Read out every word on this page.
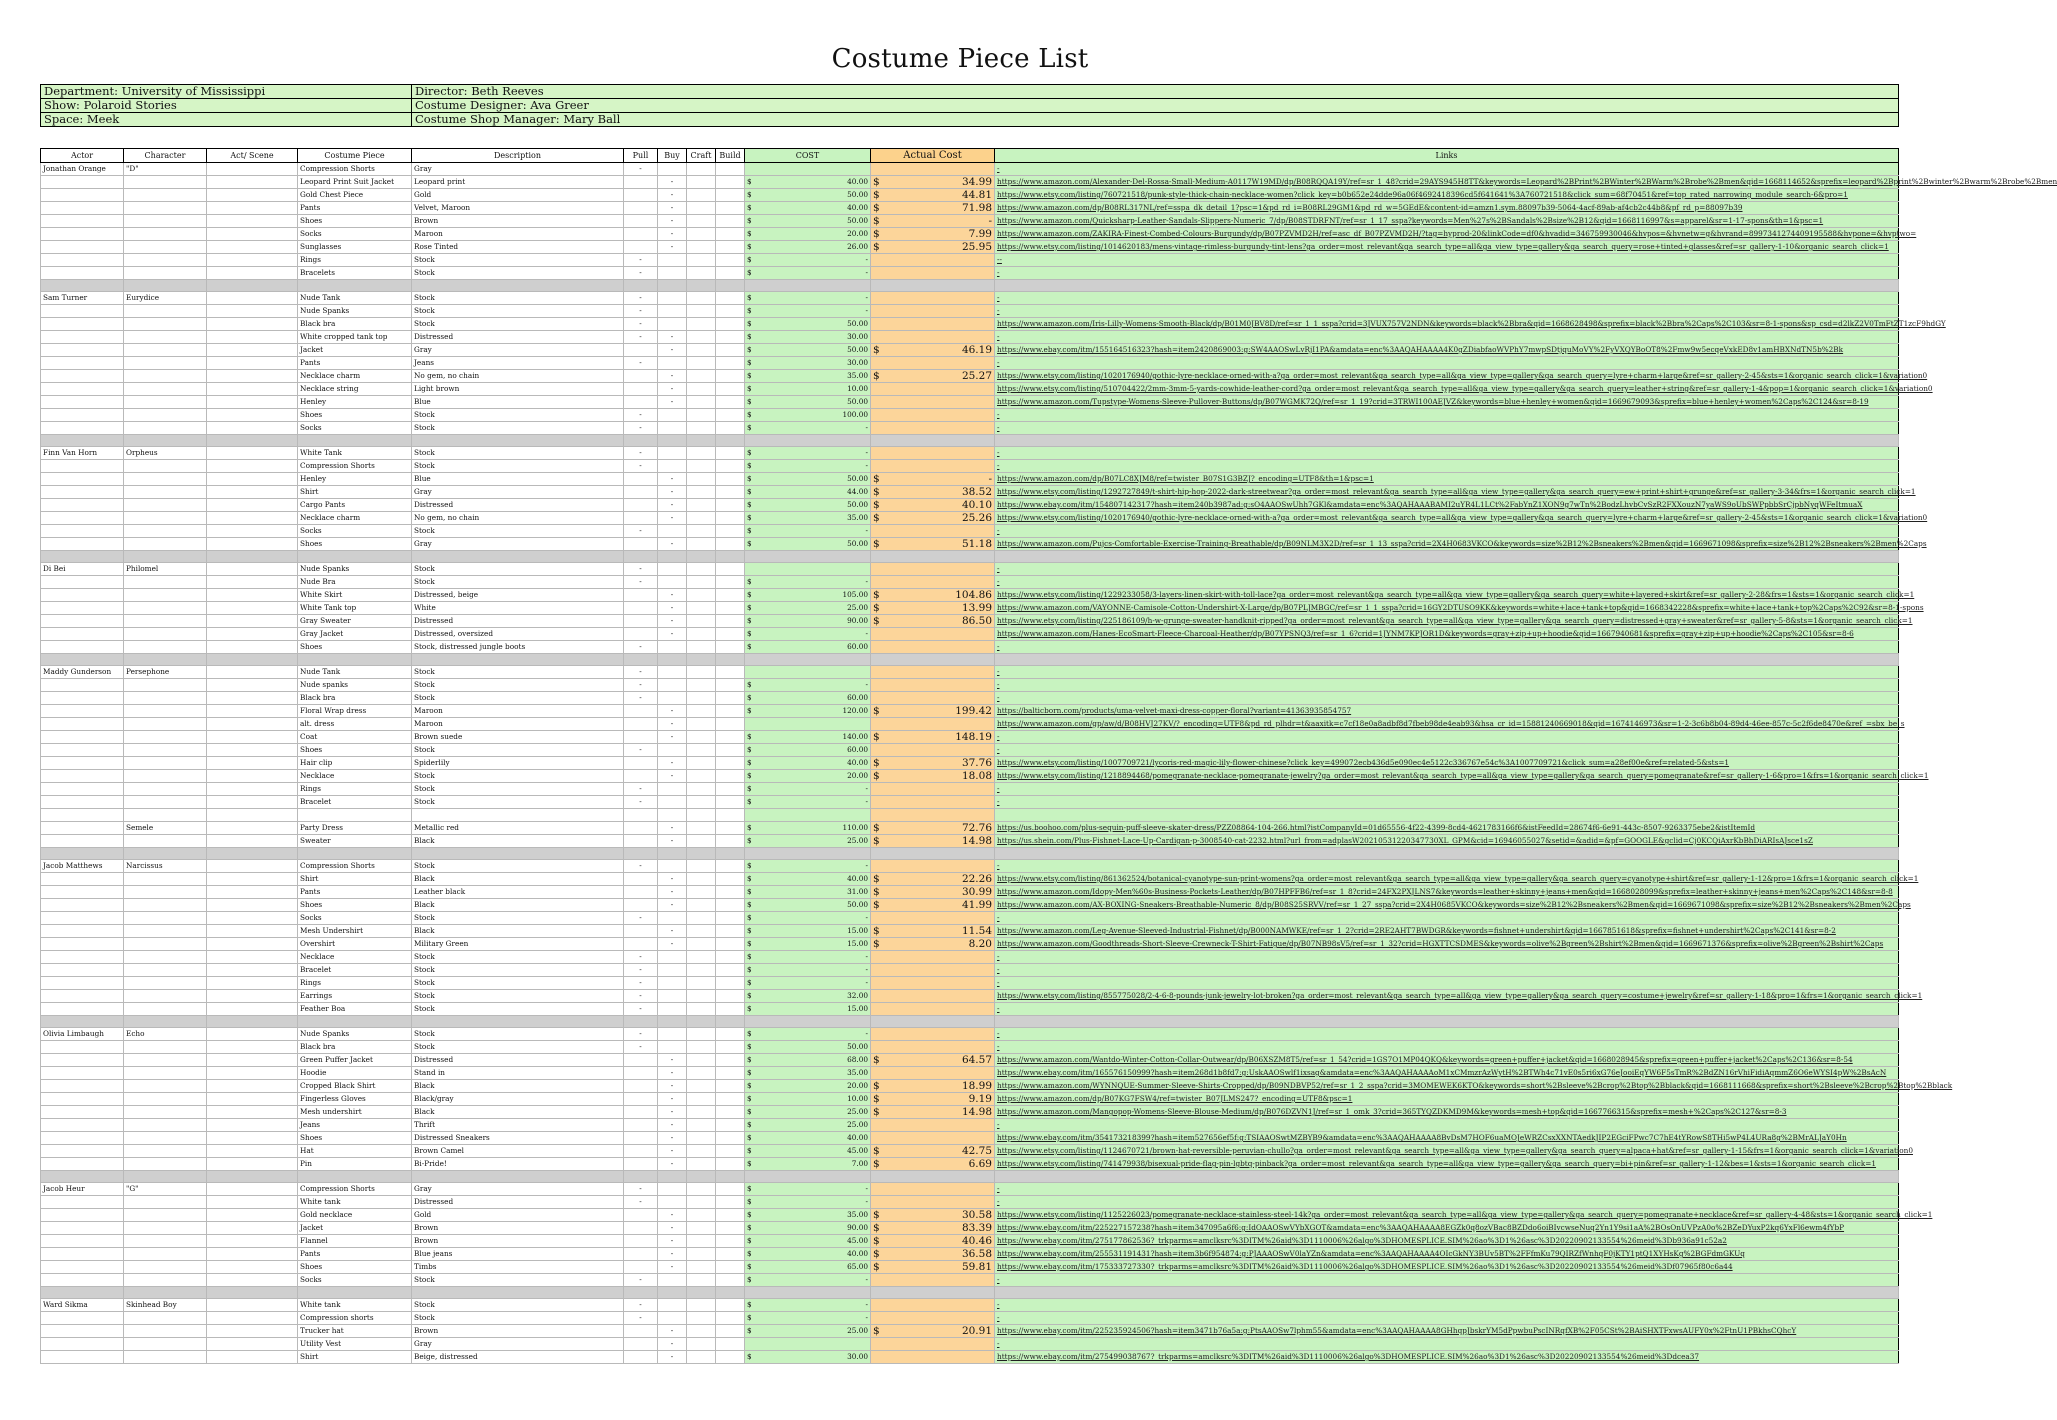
Costume Piece List
Department: University of Mississippi	Director: Beth Reeves
Show: Polaroid Stories	Costume Designer: Ava Greer
Space: Meek	Costume Shop Manager: Mary Ball
Actor	Character	Act/ Scene	Costume Piece	Description	Pull	Buy	Craft	Build	COST	Actual Cost	Links
Jonathan Orange	"D"		Compression Shorts	Gray	-						-
			Leopard Print Suit Jacket	Leopard print		-			$ 40.00	$ 34.99	https://www.amazon.com/Alexander-Del-Rossa-Small-Medium-A0117W19MD/dp/B08RQQA19Y/ref=sr_1_48?crid=29AYS945H8TT&keywords=Leopard%2BPrint%2BWinter%2BWarm%2Brobe%2Bmen&qid=1668114652&sprefix=leopard%2Bprint%2Bwinter%2Bwarm%2Brobe%2Bmen
			Gold Chest Piece	Gold		-			$ 50.00	$ 44.81	https://www.etsy.com/listing/760721518/punk-style-thick-chain-necklace-women?click_key=b0b652e24dde96a06f4692418396cd5f641641%3A760721518&click_sum=68f70451&ref=top_rated_narrowing_module_search-6&pro=1
			Pants	Velvet, Maroon		-			$ 40.00	$ 71.98	https://www.amazon.com/dp/B08RL317NL/ref=sspa_dk_detail_1?psc=1&pd_rd_i=B08RL29GM1&pd_rd_w=5GEdE&content-id=amzn1.sym.88097b39-5064-4acf-89ab-af4cb2c44b8&pf_rd_p=88097b39
			Shoes	Brown		-			$ 50.00	$ -	https://www.amazon.com/Quicksharp-Leather-Sandals-Slippers-Numeric_7/dp/B08STDRFNT/ref=sr_1_17_sspa?keywords=Men%27s%2BSandals%2Bsize%2B12&qid=1668116997&s=apparel&sr=1-17-spons&th=1&psc=1
			Socks	Maroon		-			$ 20.00	$ 7.99	https://www.amazon.com/ZAKIRA-Finest-Combed-Colours-Burgundy/dp/B07PZVMD2H/ref=asc_df_B07PZVMD2H/?tag=hyprod-20&linkCode=df0&hvadid=346759930046&hvpos=&hvnetw=g&hvrand=8997341274409195588&hvpone=&hvptwo=
			Sunglasses	Rose Tinted		-			$ 26.00	$ 25.95	https://www.etsy.com/listing/1014620183/mens-vintage-rimless-burgundy-tint-lens?ga_order=most_relevant&ga_search_type=all&ga_view_type=gallery&ga_search_query=rose+tinted+glasses&ref=sr_gallery-1-10&organic_search_click=1
			Rings	Stock	-				$ -		--
			Bracelets	Stock	-				$ -		-

Sam Turner	Eurydice		Nude Tank	Stock	-				$ -		-
			Nude Spanks	Stock	-				$ -		-
			Black bra	Stock	-				$ 50.00		https://www.amazon.com/Iris-Lilly-Womens-Smooth-Black/dp/B01M0JBV8D/ref=sr_1_1_sspa?crid=3JVUX757V2NDN&keywords=black%2Bbra&qid=1668628498&sprefix=black%2Bbra%2Caps%2C103&sr=8-1-spons&sp_csd=d2lkZ2V0TmFtZT1zcF9hdGY
			White cropped tank top	Distressed	-	-			$ 30.00		-
			Jacket	Gray		-			$ 50.00	$ 46.19	https://www.ebay.com/itm/155164516323?hash=item2420869003:g:SW4AAOSwLvRjI1PA&amdata=enc%3AAQAHAAAA4K0gZDiabfaoWVPhY7mwpSDtjquMoVY%2FyVXQYBoOT8%2Fmw9w5ecqeVxkED8v1amHBXNdTN5b%2Bk
			Pants	Jeans	-				$ 30.00		-
			Necklace charm	No gem, no chain		-			$ 35.00	$ 25.27	https://www.etsy.com/listing/1020176940/gothic-lyre-necklace-orned-with-a?ga_order=most_relevant&ga_search_type=all&ga_view_type=gallery&ga_search_query=lyre+charm+large&ref=sr_gallery-2-45&sts=1&organic_search_click=1&variation0
			Necklace string	Light brown		-			$ 10.00		https://www.etsy.com/listing/510704422/2mm-3mm-5-yards-cowhide-leather-cord?ga_order=most_relevant&ga_search_type=all&ga_view_type=gallery&ga_search_query=leather+string&ref=sr_gallery-1-4&pop=1&organic_search_click=1&variation0
			Henley	Blue		-			$ 50.00		https://www.amazon.com/Tupstype-Womens-Sleeve-Pullover-Buttons/dp/B07WGMK72Q/ref=sr_1_19?crid=3TRWI100AEJVZ&keywords=blue+henley+women&qid=1669679093&sprefix=blue+henley+women%2Caps%2C124&sr=8-19
			Shoes	Stock	-				$ 100.00		-
			Socks	Stock	-				$ -		-

Finn Van Horn	Orpheus		White Tank	Stock	-				$ -		-
			Compression Shorts	Stock	-				$ -		-
			Henley	Blue		-			$ 50.00	$ -	https://www.amazon.com/dp/B07LC8XJM8/ref=twister_B07S1G3BZJ?_encoding=UTF8&th=1&psc=1
			Shirt	Gray		-			$ 44.00	$ 38.52	https://www.etsy.com/listing/1292727849/t-shirt-hip-hop-2022-dark-streetwear?ga_order=most_relevant&ga_search_type=all&ga_view_type=gallery&ga_search_query=ew+print+shirt+grunge&ref=sr_gallery-3-34&frs=1&organic_search_click=1
			Cargo Pants	Distressed		-			$ 50.00	$ 40.10	https://www.ebay.com/itm/154807142317?hash=item240b3987ad:g:sO4AAOSwUhh7GKl&amdata=enc%3AQAHAAABAMI2uYR4L1LCt%2FabYnZ1XON9g7wTn%2BodzLhvbCvSzR2FXXouzN7yaWS9oUbSWPpbbSrCjpbNyqWFeItmuaX
			Necklace charm	No gem, no chain		-			$ 35.00	$ 25.26	https://www.etsy.com/listing/1020176940/gothic-lyre-necklace-orned-with-a?ga_order=most_relevant&ga_search_type=all&ga_view_type=gallery&ga_search_query=lyre+charm+large&ref=sr_gallery-2-45&sts=1&organic_search_click=1&variation0
			Socks	Stock	-				$ -		-
			Shoes	Gray		-			$ 50.00	$ 51.18	https://www.amazon.com/Pujcs-Comfortable-Exercise-Training-Breathable/dp/B09NLM3X2D/ref=sr_1_13_sspa?crid=2X4H0683VKCO&keywords=size%2B12%2Bsneakers%2Bmen&qid=1669671098&sprefix=size%2B12%2Bsneakers%2Bmen%2Caps

Di Bei	Philomel		Nude Spanks	Stock	-						-
			Nude Bra	Stock	-				$ -		-
			White Skirt	Distressed, beige		-			$ 105.00	$ 104.86	https://www.etsy.com/listing/1229233058/3-layers-linen-skirt-with-toll-lace?ga_order=most_relevant&ga_search_type=all&ga_view_type=gallery&ga_search_query=white+layered+skirt&ref=sr_gallery-2-28&frs=1&sts=1&organic_search_click=1
			White Tank top	White		-			$ 25.00	$ 13.99	https://www.amazon.com/VAYONNE-Camisole-Cotton-Undershirt-X-Large/dp/B07PLJMBGC/ref=sr_1_1_sspa?crid=16GY2DTUSO9KK&keywords=white+lace+tank+top&qid=1668342228&sprefix=white+lace+tank+top%2Caps%2C92&sr=8-1-spons
			Gray Sweater	Distressed		-			$ 90.00	$ 86.50	https://www.etsy.com/listing/225186109/h-w-grunge-sweater-handknit-ripped?ga_order=most_relevant&ga_search_type=all&ga_view_type=gallery&ga_search_query=distressed+gray+sweater&ref=sr_gallery-5-8&sts=1&organic_search_click=1
			Gray Jacket	Distressed, oversized		-			$ -		https://www.amazon.com/Hanes-EcoSmart-Fleece-Charcoal-Heather/dp/B07YPSNQ3/ref=sr_1_6?crid=1JYNM7KPJOR1D&keywords=gray+zip+up+hoodie&qid=1667940681&sprefix=gray+zip+up+hoodie%2Caps%2C105&sr=8-6
			Shoes	Stock, distressed jungle boots	-				$ 60.00		-

Maddy Gunderson	Persephone		Nude Tank	Stock	-						-
			Nude spanks	Stock	-				$ -		-
			Black bra	Stock	-				$ 60.00		-
			Floral Wrap dress	Maroon		-			$ 120.00	$ 199.42	https://balticborn.com/products/uma-velvet-maxi-dress-copper-floral?variant=41363935854757
			alt. dress	Maroon		-					https://www.amazon.com/gp/aw/d/B08HVJ27KV/?_encoding=UTF8&pd_rd_plhdr=t&aaxitk=c7cf18e0a8adbf8d7fbeb98de4eab93&hsa_cr_id=15881240669018&qid=1674146973&sr=1-2-3c6b8b04-89d4-46ee-857c-5c2f6de8470e&ref_=sbx_be_s
			Coat	Brown suede		-			$ 140.00	$ 148.19	-
			Shoes	Stock	-				$ 60.00		-
			Hair clip	Spiderlily		-			$ 40.00	$ 37.76	https://www.etsy.com/listing/1007709721/lycoris-red-magic-lily-flower-chinese?click_key=499072ecb436d5e090ec4e5122c336767e54c%3A1007709721&click_sum=a28ef00e&ref=related-5&sts=1
			Necklace	Stock		-			$ 20.00	$ 18.08	https://www.etsy.com/listing/1218894468/pomegranate-necklace-pomegranate-jewelry?ga_order=most_relevant&ga_search_type=all&ga_view_type=gallery&ga_search_query=pomegranate&ref=sr_gallery-1-6&pro=1&frs=1&organic_search_click=1
			Rings	Stock	-				$ -		-
			Bracelet	Stock	-				$ -		-

	Semele		Party Dress	Metallic red		-			$ 110.00	$ 72.76	https://us.boohoo.com/plus-sequin-puff-sleeve-skater-dress/PZZ08864-104-266.html?istCompanyId=01d65556-4f22-4399-8cd4-4621783166f6&istFeedId=28674f6-6e91-443c-8507-9263375ebe2&istItemId
			Sweater	Black		-			$ 25.00	$ 14.98	https://us.shein.com/Plus-Fishnet-Lace-Up-Cardigan-p-3008540-cat-2232.html?url_from=adplasW20210531220347730XL_GPM&cid=16946055027&setid=&adid=&pf=GOOGLE&gclid=Cj0KCQiAxrKbBhDiARIsAJsce1sZ

Jacob Matthews	Narcissus		Compression Shorts	Stock	-				$ -		-
			Shirt	Black		-			$ 40.00	$ 22.26	https://www.etsy.com/listing/861362524/botanical-cyanotype-sun-print-womens?ga_order=most_relevant&ga_search_type=all&ga_view_type=gallery&ga_search_query=cyanotype+shirt&ref=sr_gallery-1-12&pro=1&frs=1&organic_search_click=1
			Pants	Leather black		-			$ 31.00	$ 30.99	https://www.amazon.com/Idopy-Men%60s-Business-Pockets-Leather/dp/B07HPFFB6/ref=sr_1_8?crid=24FX2PXJLNS7&keywords=leather+skinny+jeans+men&qid=1668028099&sprefix=leather+skinny+jeans+men%2Caps%2C148&sr=8-8
			Shoes	Black		-			$ 50.00	$ 41.99	https://www.amazon.com/AX-BOXING-Sneakers-Breathable-Numeric_8/dp/B08S25SRVV/ref=sr_1_27_sspa?crid=2X4H0685VKCO&keywords=size%2B12%2Bsneakers%2Bmen&qid=1669671098&sprefix=size%2B12%2Bsneakers%2Bmen%2Caps
			Socks	Stock	-				$ -		-
			Mesh Undershirt	Black		-			$ 15.00	$ 11.54	https://www.amazon.com/Leg-Avenue-Sleeved-Industrial-Fishnet/dp/B000NAMWKE/ref=sr_1_2?crid=2RE2AHT7BWDGR&keywords=fishnet+undershirt&qid=1667851618&sprefix=fishnet+undershirt%2Caps%2C141&sr=8-2
			Overshirt	Military Green		-			$ 15.00	$ 8.20	https://www.amazon.com/Goodthreads-Short-Sleeve-Crewneck-T-Shirt-Fatigue/dp/B07NB98sV5/ref=sr_1_32?crid=HGXTTCSDMES&keywords=olive%2Bgreen%2Bshirt%2Bmen&qid=1669671376&sprefix=olive%2Bgreen%2Bshirt%2Caps
			Necklace	Stock	-				$ -		-
			Bracelet	Stock	-				$ -		-
			Rings	Stock	-				$ -		-
			Earrings	Stock	-				$ 32.00		https://www.etsy.com/listing/855775028/2-4-6-8-pounds-junk-jewelry-lot-broken?ga_order=most_relevant&ga_search_type=all&ga_view_type=gallery&ga_search_query=costume+jewelry&ref=sr_gallery-1-18&pro=1&frs=1&organic_search_click=1
			Feather Boa	Stock	-				$ 15.00		-

Olivia Limbaugh	Echo		Nude Spanks	Stock	-				$ -		-
			Black bra	Stock	-				$ 50.00		-
			Green Puffer Jacket	Distressed		-			$ 68.00	$ 64.57	https://www.amazon.com/Wantdo-Winter-Cotton-Collar-Outwear/dp/B06XSZM8T5/ref=sr_1_54?crid=1GS7O1MP04QKQ&keywords=green+puffer+jacket&qid=1668028945&sprefix=green+puffer+jacket%2Caps%2C136&sr=8-54
			Hoodie	Stand in		-			$ 35.00		https://www.ebay.com/itm/165576150999?hash=item268d1b8fd7:g:UskAAOSwlf1ixsag&amdata=enc%3AAQAHAAAAoM1xCMmzrAzWytH%2BTWh4c71vE0s5ri6xG76eJooiEqYW6F5sTmR%2BdZN16rVhiFidiAqmmZ6O6eWYSI4pW%2BsAcN
			Cropped Black Shirt	Black		-			$ 20.00	$ 18.99	https://www.amazon.com/WYNNQUE-Summer-Sleeve-Shirts-Cropped/dp/B09NDBVP52/ref=sr_1_2_sspa?crid=3MOMEWEK6KTO&keywords=short%2Bsleeve%2Bcrop%2Btop%2Bblack&qid=1668111668&sprefix=short%2Bsleeve%2Bcrop%2Btop%2Bblack
			Fingerless Gloves	Black/gray		-			$ 10.00	$ 9.19	https://www.amazon.com/dp/B07KG7FSW4/ref=twister_B07JLMS247?_encoding=UTF8&psc=1
			Mesh undershirt	Black		-			$ 25.00	$ 14.98	https://www.amazon.com/Mangopop-Womens-Sleeve-Blouse-Medium/dp/B076DZVN1J/ref=sr_1_omk_3?crid=365TYQZDKMD9M&keywords=mesh+top&qid=1667766315&sprefix=mesh+%2Caps%2C127&sr=8-3
			Jeans	Thrift		-			$ 25.00		-
			Shoes	Distressed Sneakers		-			$ 40.00		https://www.ebay.com/itm/354173218399?hash=item527656ef5f:g:TSIAAOSwtMZBYB9&amdata=enc%3AAQAHAAAA8BvDsM7HOF6uaMOJeWRZCsxXXNTAedkJIP2EGciFPwc7C7hE4tYRowS8THi5wP4L4URa8g%2BMrALJaY0Hn
			Hat	Brown Camel		-			$ 45.00	$ 42.75	https://www.etsy.com/listing/1124670721/brown-hat-reversible-peruvian-chullo?ga_order=most_relevant&ga_search_type=all&ga_view_type=gallery&ga_search_query=alpaca+hat&ref=sr_gallery-1-15&frs=1&organic_search_click=1&variation0
			Pin	Bi-Pride!		-			$ 7.00	$ 6.69	https://www.etsy.com/listing/741479938/bisexual-pride-flag-pin-lgbtq-pinback?ga_order=most_relevant&ga_search_type=all&ga_view_type=gallery&ga_search_query=bi+pin&ref=sr_gallery-1-12&bes=1&sts=1&organic_search_click=1

Jacob Heur	"G"		Compression Shorts	Gray	-				$ -		-
			White tank	Distressed	-				$ -		-
			Gold necklace	Gold		-			$ 35.00	$ 30.58	https://www.etsy.com/listing/1125226023/pomegranate-necklace-stainless-steel-14k?ga_order=most_relevant&ga_search_type=all&ga_view_type=gallery&ga_search_query=pomegranate+necklace&ref=sr_gallery-4-48&sts=1&organic_search_click=1
			Jacket	Brown		-			$ 90.00	$ 83.39	https://www.ebay.com/itm/225227157238?hash=item347095a6f6:g:IdOAAOSwVYbXGOT&amdata=enc%3AAQAHAAAA8EGZk0q8ozVBac8BZDdo6oiBIvcwseNuq2Yn1Y9si1aA%2BOsOnUVPzA0o%2BZeDYuxP2kq6YxFl6ewm4fYbP
			Flannel	Brown		-			$ 45.00	$ 40.46	https://www.ebay.com/itm/275177862536?_trkparms=amclksrc%3DITM%26aid%3D1110006%26algo%3DHOMESPLICE.SIM%26ao%3D1%26asc%3D20220902133554%26meid%3Db936a91c52a2
			Pants	Blue jeans		-			$ 40.00	$ 36.58	https://www.ebay.com/itm/255531191431?hash=item3b6f954874:g:PJAAAOSwV0laYZn&amdata=enc%3AAQAHAAAA4OIcGkNY3BUv5BT%2FFfmKu79QIRZfWnhqF0jKTY1ptQ1XYHsKg%2BGFdmGKUq
			Shoes	Timbs		-			$ 65.00	$ 59.81	https://www.ebay.com/itm/175333727330?_trkparms=amclksrc%3DITM%26aid%3D1110006%26algo%3DHOMESPLICE.SIM%26ao%3D1%26asc%3D20220902133554%26meid%3Df07965f80c6a44
			Socks	Stock	-				$ -		-

Ward Sikma	Skinhead Boy		White tank	Stock	-				$ -		-
			Compression shorts	Stock	-				$ -		-
			Trucker hat	Brown		-			$ 25.00	$ 20.91	https://www.ebay.com/itm/225235924506?hash=item3471b76a5a:g:PtsAAOSw7lphm55&amdata=enc%3AAQAHAAAA8GHhqpJbskrYM5dPpwbuPscINRqfXB%2F05CSt%2BAiSHXTFxwsAUFY0x%2FtnU1PBkhsCQhcY
			Utility Vest	Gray		-					-
			Shirt	Beige, distressed		-			$ 30.00		https://www.ebay.com/itm/275499038767?_trkparms=amclksrc%3DITM%26aid%3D1110006%26algo%3DHOMESPLICE.SIM%26ao%3D1%26asc%3D20220902133554%26meid%3Ddcea37
